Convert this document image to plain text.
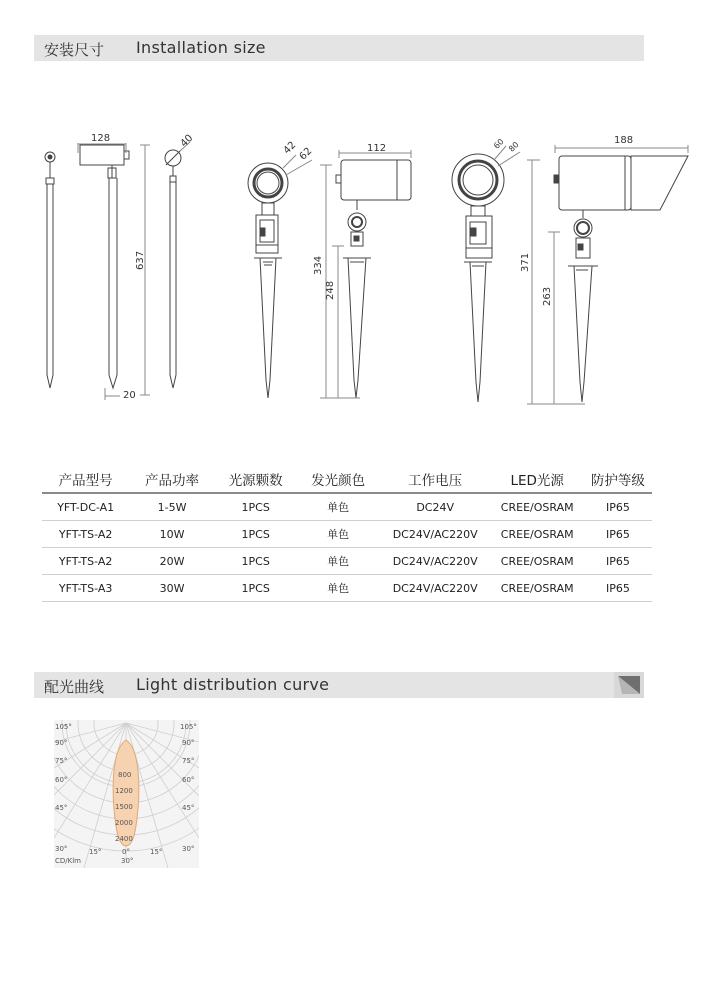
安装尺寸 Installation size
128	40
637
20
42 62	112
334
248
60 80	188
371
263
产品型号	产品功率	光源颗数	发光颜色	工作电压	LED光源	防护等级
YFT-DC-A1	1-5W	1PCS	单色	DC24V	CREE/OSRAM	IP65
YFT-TS-A2	10W	1PCS	单色	DC24V/AC220V	CREE/OSRAM	IP65
YFT-TS-A2	20W	1PCS	单色	DC24V/AC220V	CREE/OSRAM	IP65
YFT-TS-A3	30W	1PCS	单色	DC24V/AC220V	CREE/OSRAM	IP65
配光曲线 Light distribution curve
105°
90°
75°
60°
45°
30°
105°
90°
75°
60°
45°
30°
800
1200
1500
2000
2400
15°	0°	15°
30°
CD/Klm
